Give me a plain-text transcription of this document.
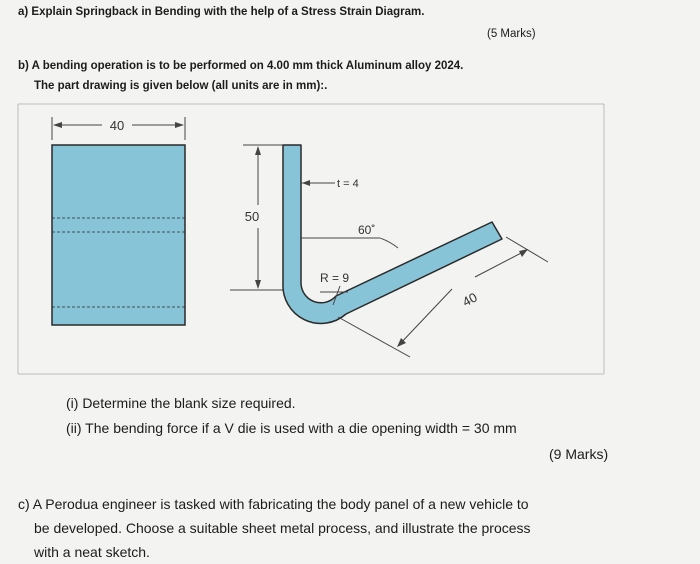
a) Explain Springback in Bending with the help of a Stress Strain Diagram.
(5 Marks)
b) A bending operation is to be performed on 4.00 mm thick Aluminum alloy 2024.
The part drawing is given below (all units are in mm):.
40
50
t = 4
60˚
R = 9
40
(i) Determine the blank size required.
(ii) The bending force if a V die is used with a die opening width = 30 mm
(9 Marks)
c) A Perodua engineer is tasked with fabricating the body panel of a new vehicle to
be developed. Choose a suitable sheet metal process, and illustrate the process
with a neat sketch.
